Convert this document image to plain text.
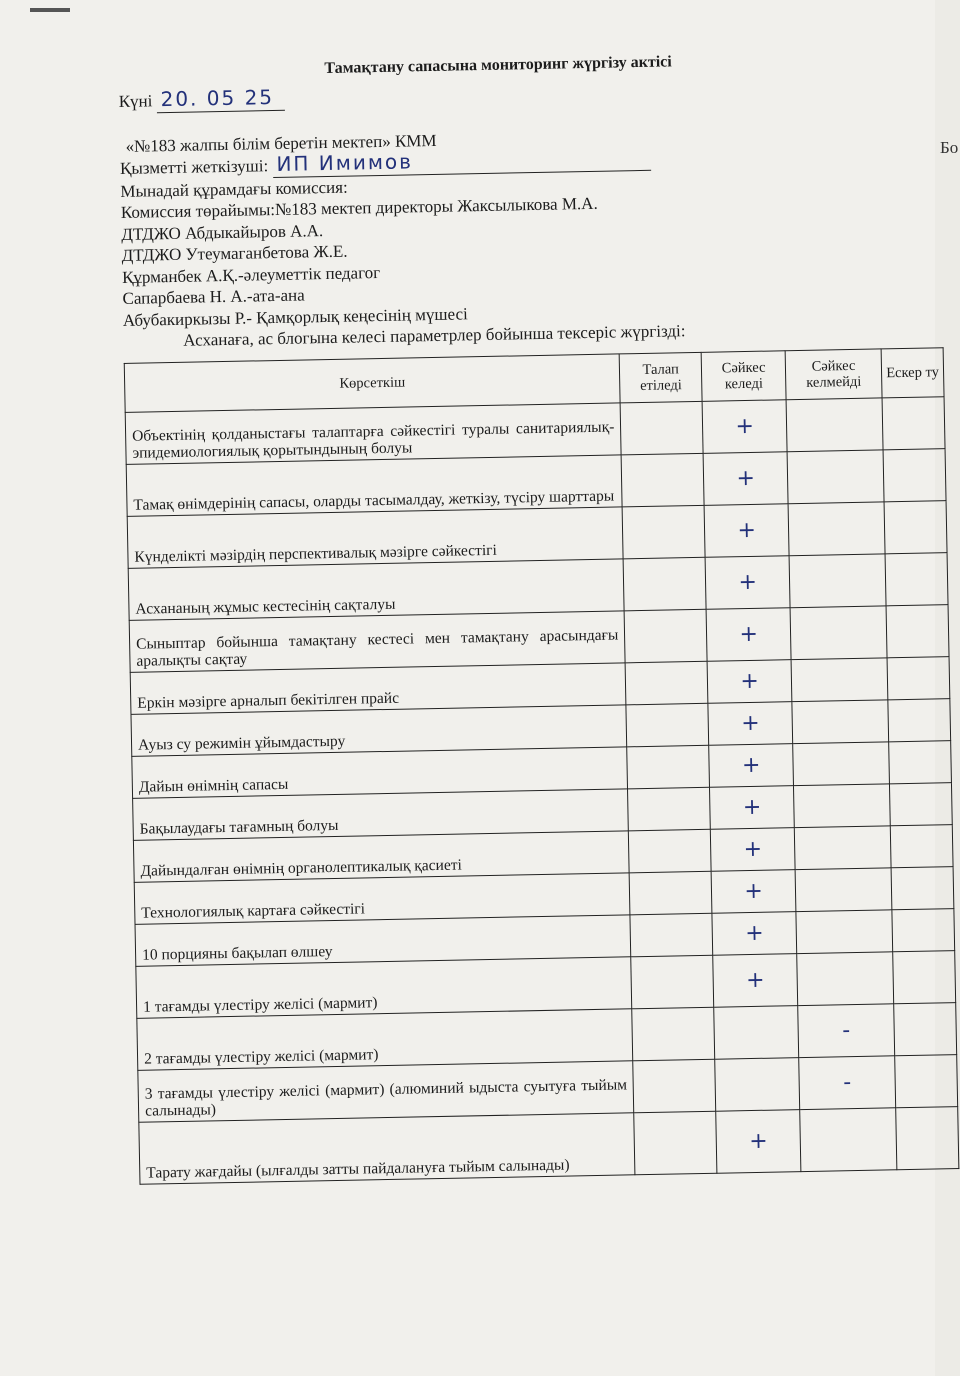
Бо
Тамақтану сапасына мониторинг жүргізу актісі
Күні 20. 05 25
«№183 жалпы білім беретін мектеп» КММ
Қызметті жеткізуші: ИП Имимов
Мынадай құрамдағы комиссия:
Комиссия төрайымы:№183 мектеп директоры Жаксылыкова М.А.
ДТДЖО Абдыкайыров А.А.
ДТДЖО Утеумаганбетова Ж.Е.
Құрманбек А.Қ.-әлеуметтік педагог
Сапарбаева Н. А.-ата-ана
Абубакиркызы Р.- Қамқорлық кеңесінің мүшесі
Асханаға, ас блогына келесі параметрлер бойынша тексеріс жүргізді:
Көрсеткіш	Талап етіледі	Сәйкес келеді	Сәйкес келмейді	Ескер ту
Объектінің қолданыстағы талаптарға сәйкестігі туралы санитариялық-эпидемиологиялық қорытындының болуы		+		
Тамақ өнімдерінің сапасы, оларды тасымалдау, жеткізу, түсіру шарттары		+		
Күнделікті мәзірдің перспективалық мәзірге сәйкестігі		+		
Асхананың жұмыс кестесінің сақталуы		+		
Сыныптар бойынша тамақтану кестесі мен тамақтану арасындағы аралықты сақтау		+		
Еркін мәзірге арналып бекітілген прайс		+		
Ауыз су режимін ұйымдастыру		+		
Дайын өнімнің сапасы		+		
Бақылаудағы тағамның болуы		+		
Дайындалған өнімнің органолептикалық қасиеті		+		
Технологиялық картаға сәйкестігі		+		
10 порцияны бақылап өлшеу		+		
1 тағамды үлестіру желісі (мармит)		+		
2 тағамды үлестіру желісі (мармит)			-	
3 тағамды үлестіру желісі (мармит) (алюминий ыдыста суытуға тыйым салынады)			-	
Тарату жағдайы (ылғалды затты пайдалануға тыйым салынады)		+		
